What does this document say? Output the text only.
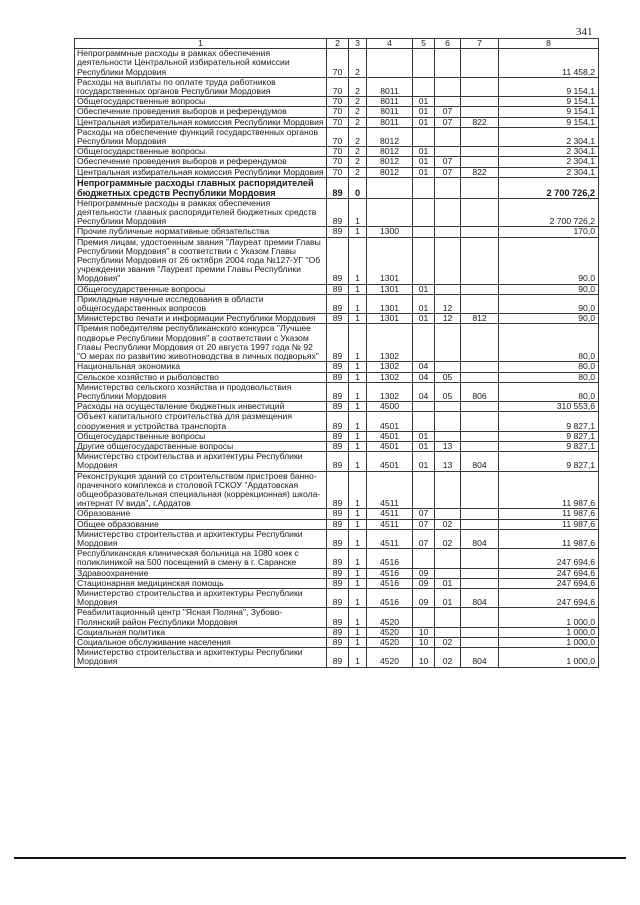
341
1	2	3	4	5	6	7	8
Непрограммные расходы в рамках обеспечения деятельности Центральной избирательной комиссии Республики Мордовия	70	2					11 458,2
Расходы на выплаты по оплате труда работников государственных органов Республики Мордовия	70	2	8011				9 154,1
Общегосударственные вопросы	70	2	8011	01			9 154,1
Обеспечение проведения выборов и референдумов	70	2	8011	01	07		9 154,1
Центральная избирательная комиссия Республики Мордовия	70	2	8011	01	07	822	9 154,1
Расходы на обеспечение функций государственных органов Республики Мордовия	70	2	8012				2 304,1
Общегосударственные вопросы	70	2	8012	01			2 304,1
Обеспечение проведения выборов и референдумов	70	2	8012	01	07		2 304,1
Центральная избирательная комиссия Республики Мордовия	70	2	8012	01	07	822	2 304,1
Непрограммные расходы главных распорядителей бюджетных средств Республики Мордовия	89	0					2 700 726,2
Непрограммные расходы в рамках обеспечения деятельности главных распорядителей бюджетных средств Республики Мордовия	89	1					2 700 726,2
Прочие публичные нормативные обязательства	89	1	1300				170,0
Премия лицам, удостоенным звания "Лауреат премии Главы Республики Мордовия" в соответствии с Указом Главы Республики Мордовия от 26 октября 2004 года №127-УГ "Об учреждении звания "Лауреат премии Главы Республики Мордовия"	89	1	1301				90,0
Общегосударственные вопросы	89	1	1301	01			90,0
Прикладные научные исследования в области общегосударственных вопросов	89	1	1301	01	12		90,0
Министерство печати и информации Республики Мордовия	89	1	1301	01	12	812	90,0
Премия победителям республиканского конкурса "Лучшее подворье Республики Мордовия" в соответствии с Указом Главы Республики Мордовия от 20 августа 1997 года № 92 "О мерах по развитию животноводства в личных подворьях"	89	1	1302				80,0
Национальная экономика	89	1	1302	04			80,0
Сельское хозяйство и рыболовство	89	1	1302	04	05		80,0
Министерство сельского хозяйства и продовольствия Республики Мордовия	89	1	1302	04	05	806	80,0
Расходы на осуществление бюджетных инвестиций	89	1	4500				310 553,6
Объект капитального строительства для размещения сооружения и устройства транспорта	89	1	4501				9 827,1
Общегосударственные вопросы	89	1	4501	01			9 827,1
Другие общегосударственные вопросы	89	1	4501	01	13		9 827,1
Министерство строительства и архитектуры Республики Мордовия	89	1	4501	01	13	804	9 827,1
Реконструкция зданий со строительством пристроев банно-прачечного комплекса и столовой ГСКОУ "Ардатовская общеобразовательная специальная (коррекционная) школа-интернат IV вида", г.Ардатов	89	1	4511				11 987,6
Образование	89	1	4511	07			11 987,6
Общее образование	89	1	4511	07	02		11 987,6
Министерство строительства и архитектуры Республики Мордовия	89	1	4511	07	02	804	11 987,6
Республиканская клиническая больница на 1080 коек с поликлиникой на 500 посещений в смену в г. Саранске	89	1	4516				247 694,6
Здравоохранение	89	1	4516	09			247 694,6
Стационарная медицинская помощь	89	1	4516	09	01		247 694,6
Министерство строительства и архитектуры Республики Мордовия	89	1	4516	09	01	804	247 694,6
Реабилитационный центр "Ясная Поляна", Зубово-Полянский район Республики Мордовия	89	1	4520				1 000,0
Социальная политика	89	1	4520	10			1 000,0
Социальное обслуживание населения	89	1	4520	10	02		1 000,0
Министерство строительства и архитектуры Республики Мордовия	89	1	4520	10	02	804	1 000,0
